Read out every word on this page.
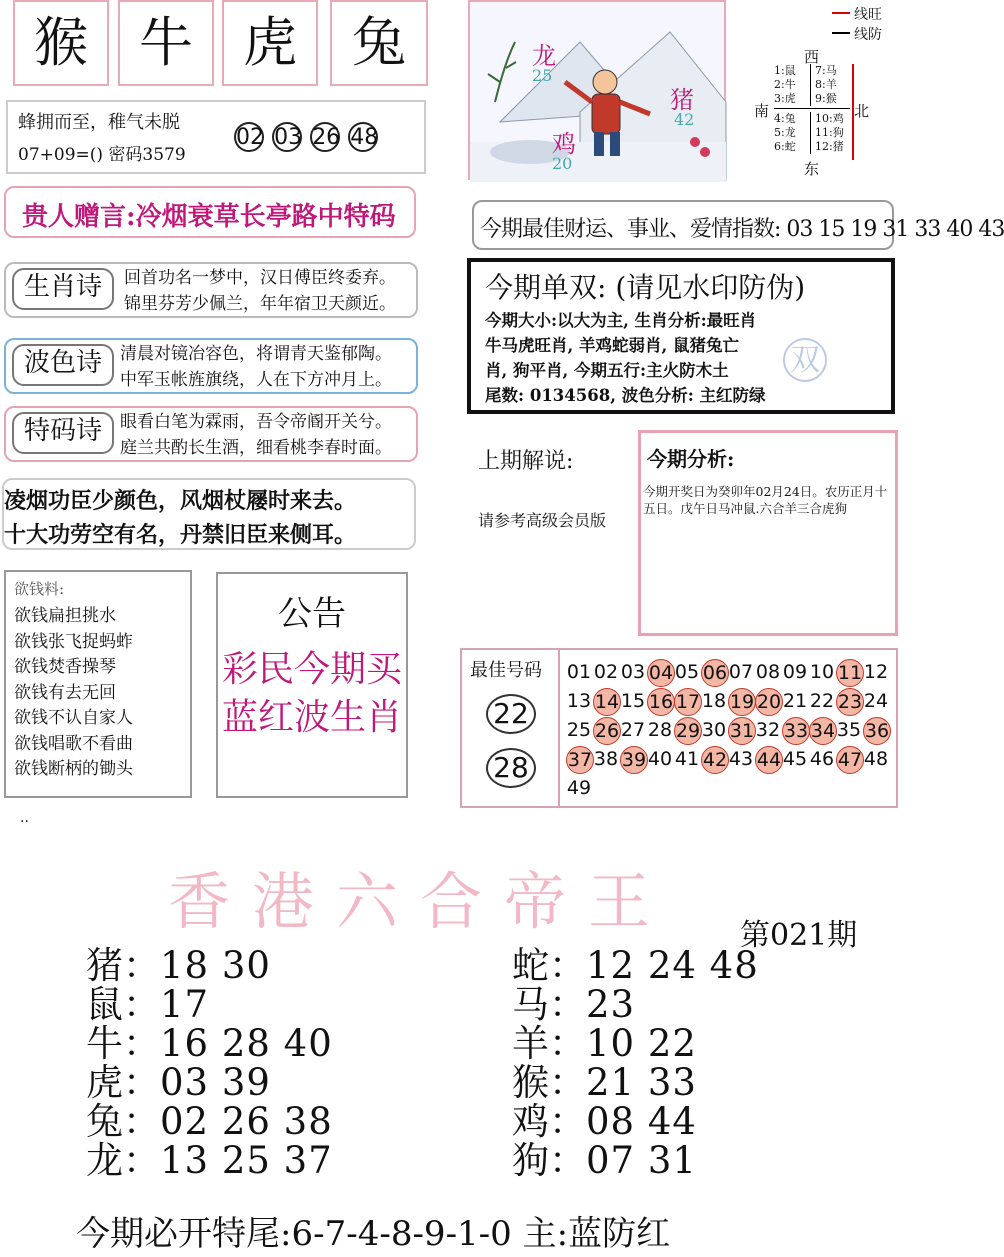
猴 牛 虎	兔
蜂拥而至，稚气未脱
07+09=() 密码3579
02 03 26 48
贵人赠言:冷烟衰草长亭路中特码
生肖诗	回首功名一梦中，汉日傅臣终委弃。
锦里芬芳少佩兰，年年宿卫天颜近。
波色诗	清晨对镜冶容色，将谓青天鉴郁陶。
中军玉帐旌旗绕，人在下方冲月上。
特码诗	眼看白笔为霖雨，吾令帝阍开关兮。
庭兰共酌长生酒，细看桃李春时面。
凌烟功臣少颜色，风烟杖屦时来去。
十大功劳空有名，丹禁旧臣来侧耳。
欲钱料:
欲钱扁担挑水
欲钱张飞捉蚂蚱
欲钱焚香操琴
欲钱有去无回
欲钱不认自家人
欲钱唱歌不看曲
欲钱断柄的锄头
公告
彩民今期买
蓝红波生肖
龙
25
猪
42
鸡
20
线旺
线防
西
东
南	北
1:鼠
2:牛
3:虎
7:马
8:羊
9:猴
4:兔
5:龙
6:蛇
10:鸡
11:狗
12:猪
今期最佳财运、事业、爱情指数: 03 15 19 31 33 40 43
今期单双: (请见水印防伪)
双
今期大小:以大为主, 生肖分析:最旺肖
牛马虎旺肖, 羊鸡蛇弱肖, 鼠猪兔亡
肖, 狗平肖, 今期五行:主火防木土
尾数: 0134568, 波色分析: 主红防绿
上期解说:
请参考高级会员版
今期分析:
今期开奖日为癸卯年02月24日。农历正月十五日。戊午日马冲鼠.六合羊三合虎狗
最佳号码
22
28
01 02 03 04 05 06 07 08 09 10 11 12
13 14 15 16 17 18 19 20 21 22 23 24
25 26 27 28 29 30 31 32 33 34 35 36
37 38 39 40 41 42 43 44 45 46 47 48
49
..
香港六合帝王 第021期
猪：18 30
鼠：17
牛：16 28 40
虎：03 39
兔：02 26 38
龙：13 25 37
蛇：12 24 48
马：23
羊：10 22
猴：21 33
鸡：08 44
狗：07 31
今期必开特尾:6-7-4-8-9-1-0 主:蓝防红
